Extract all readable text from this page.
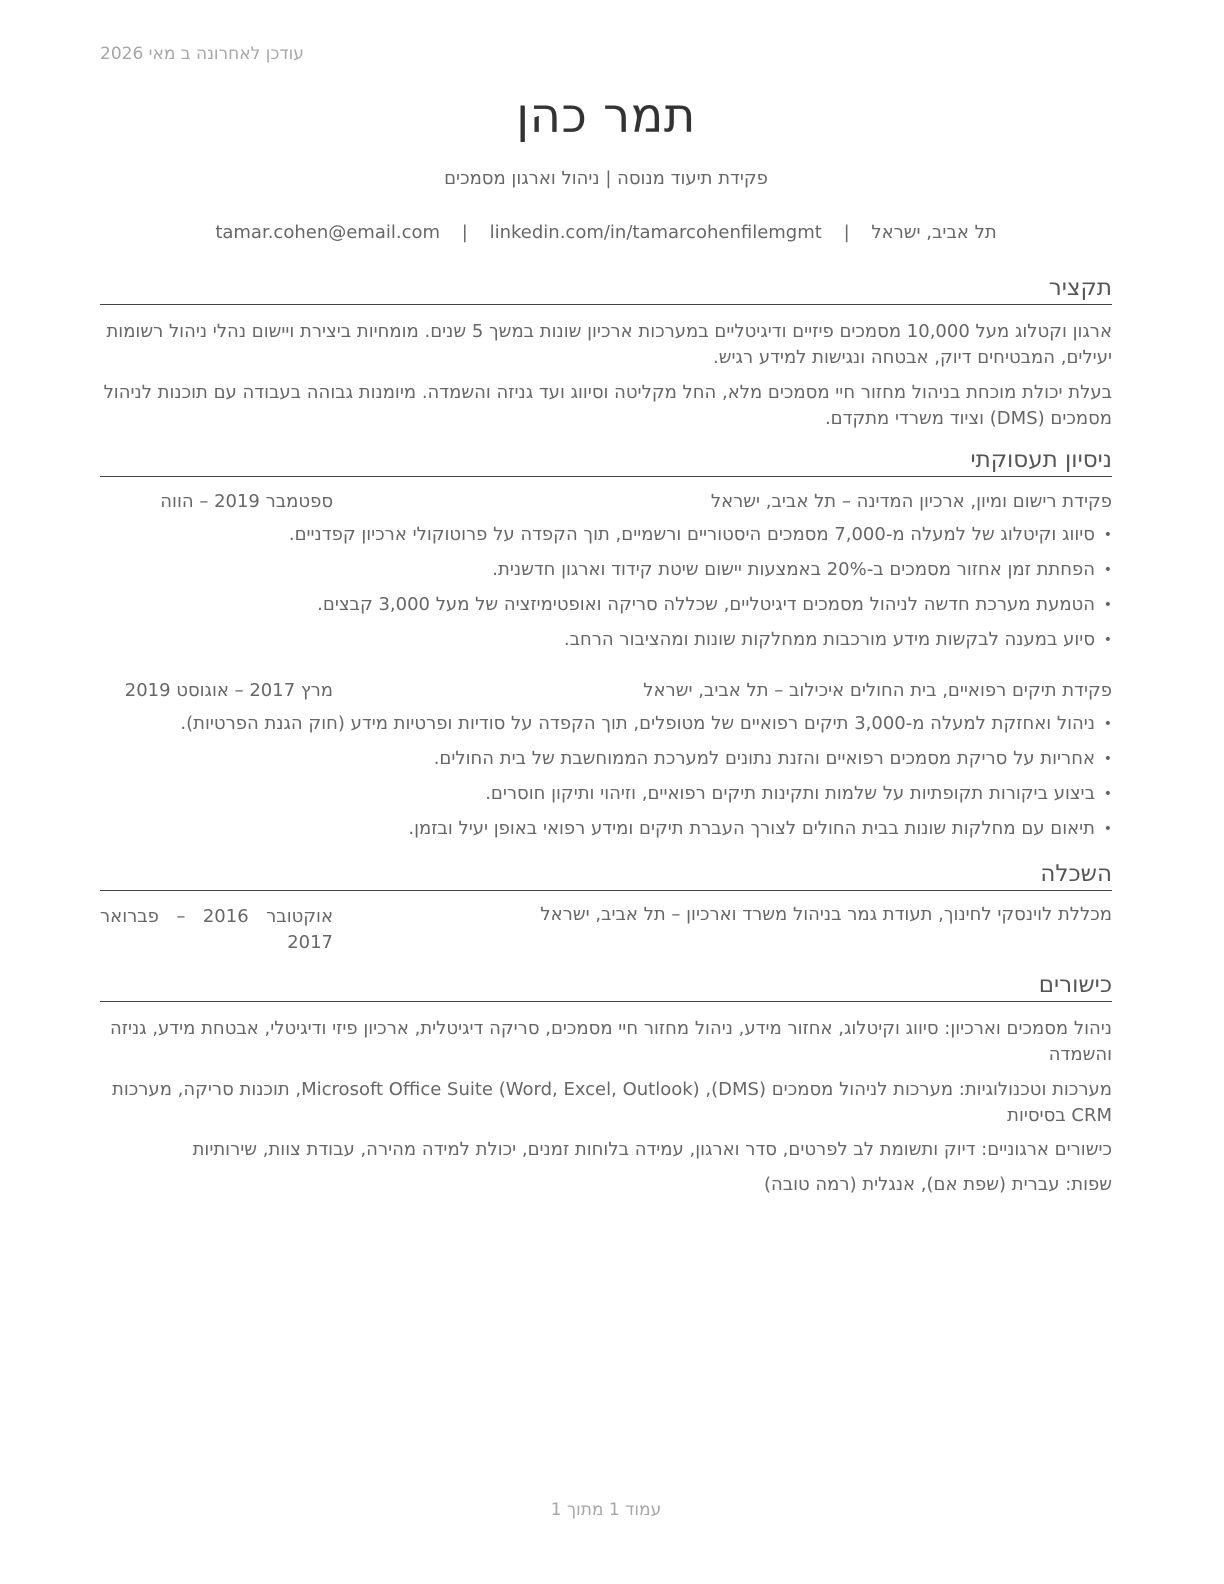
עודכן לאחרונה ב מאי 2026
תמר כהן
פקידת תיעוד מנוסה | ניהול וארגון מסמכים
תל אביב, ישראל | tamar.cohen@email.com | linkedin.com/in/tamarcohenfilemgmt
תקציר
ארגון וקטלוג מעל 10,000 מסמכים פיזיים ודיגיטליים במערכות ארכיון שונות במשך 5 שנים. מומחיות ביצירת ויישום נהלי ניהול רשומות יעילים, המבטיחים דיוק, אבטחה ונגישות למידע רגיש.
בעלת יכולת מוכחת בניהול מחזור חיי מסמכים מלא, החל מקליטה וסיווג ועד גניזה והשמדה. מיומנות גבוהה בעבודה עם תוכנות לניהול מסמכים (DMS) וציוד משרדי מתקדם.
ניסיון תעסוקתי
פקידת רישום ומיון, ארכיון המדינה – תל אביב, ישראל
ספטמבר 2019 – הווה
• סיווג וקיטלוג של למעלה מ-7,000 מסמכים היסטוריים ורשמיים, תוך הקפדה על פרוטוקולי ארכיון קפדניים.
• הפחתת זמן אחזור מסמכים ב-20% באמצעות יישום שיטת קידוד וארגון חדשנית.
• הטמעת מערכת חדשה לניהול מסמכים דיגיטליים, שכללה סריקה ואופטימיזציה של מעל 3,000 קבצים.
• סיוע במענה לבקשות מידע מורכבות ממחלקות שונות ומהציבור הרחב.
פקידת תיקים רפואיים, בית החולים איכילוב – תל אביב, ישראל
מרץ 2017 – אוגוסט 2019
• ניהול ואחזקת למעלה מ-3,000 תיקים רפואיים של מטופלים, תוך הקפדה על סודיות ופרטיות מידע (חוק הגנת הפרטיות).
• אחריות על סריקת מסמכים רפואיים והזנת נתונים למערכת הממוחשבת של בית החולים.
• ביצוע ביקורות תקופתיות על שלמות ותקינות תיקים רפואיים, וזיהוי ותיקון חוסרים.
• תיאום עם מחלקות שונות בבית החולים לצורך העברת תיקים ומידע רפואי באופן יעיל ובזמן.
השכלה
מכללת לוינסקי לחינוך, תעודת גמר בניהול משרד וארכיון – תל אביב, ישראל
אוקטובר 2016 – פברואר 2017
כישורים
ניהול מסמכים וארכיון: סיווג וקיטלוג, אחזור מידע, ניהול מחזור חיי מסמכים, סריקה דיגיטלית, ארכיון פיזי ודיגיטלי, אבטחת מידע, גניזה והשמדה
מערכות וטכנולוגיות: מערכות לניהול מסמכים (DMS), Microsoft Office Suite (Word, Excel, Outlook), תוכנות סריקה, מערכות CRM בסיסיות
כישורים ארגוניים: דיוק ותשומת לב לפרטים, סדר וארגון, עמידה בלוחות זמנים, יכולת למידה מהירה, עבודת צוות, שירותיות
שפות: עברית (שפת אם), אנגלית (רמה טובה)
עמוד 1 מתוך 1
